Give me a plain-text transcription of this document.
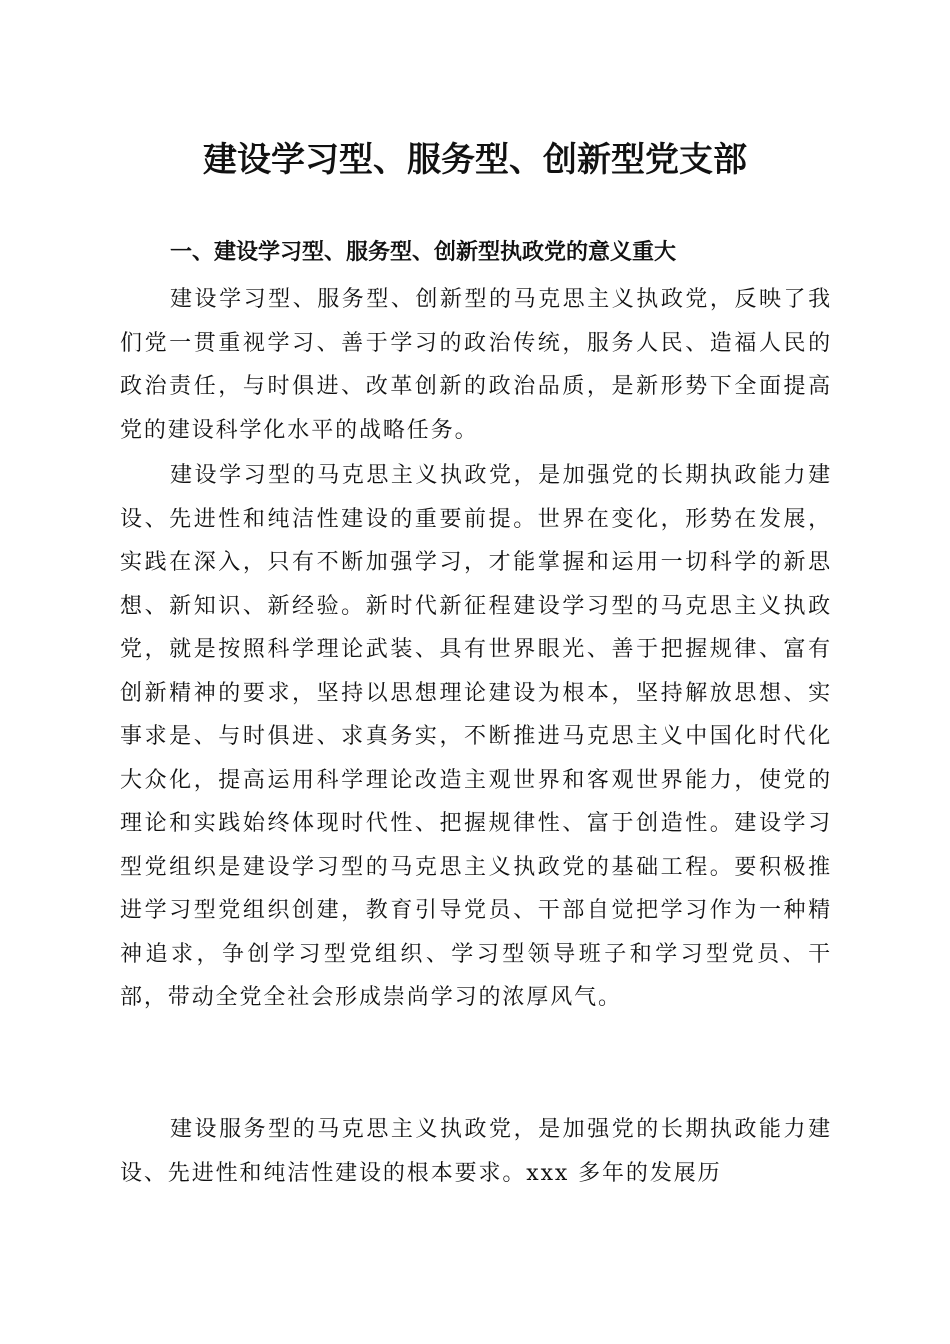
建设学习型、服务型、创新型党支部
一、建设学习型、服务型、创新型执政党的意义重大

建设学习型、服务型、创新型的马克思主义执政党，反映了我们党一贯重视学习、善于学习的政治传统，服务人民、造福人民的政治责任，与时俱进、改革创新的政治品质，是新形势下全面提高党的建设科学化水平的战略任务。

建设学习型的马克思主义执政党，是加强党的长期执政能力建设、先进性和纯洁性建设的重要前提。世界在变化，形势在发展，实践在深入，只有不断加强学习，才能掌握和运用一切科学的新思想、新知识、新经验。新时代新征程建设学习型的马克思主义执政党，就是按照科学理论武装、具有世界眼光、善于把握规律、富有创新精神的要求，坚持以思想理论建设为根本，坚持解放思想、实事求是、与时俱进、求真务实，不断推进马克思主义中国化时代化大众化，提高运用科学理论改造主观世界和客观世界能力，使党的理论和实践始终体现时代性、把握规律性、富于创造性。建设学习型党组织是建设学习型的马克思主义执政党的基础工程。要积极推进学习型党组织创建，教育引导党员、干部自觉把学习作为一种精神追求，争创学习型党组织、学习型领导班子和学习型党员、干部，带动全党全社会形成崇尚学习的浓厚风气。

建设服务型的马克思主义执政党，是加强党的长期执政能力建设、先进性和纯洁性建设的根本要求。xxx 多年的发展历
